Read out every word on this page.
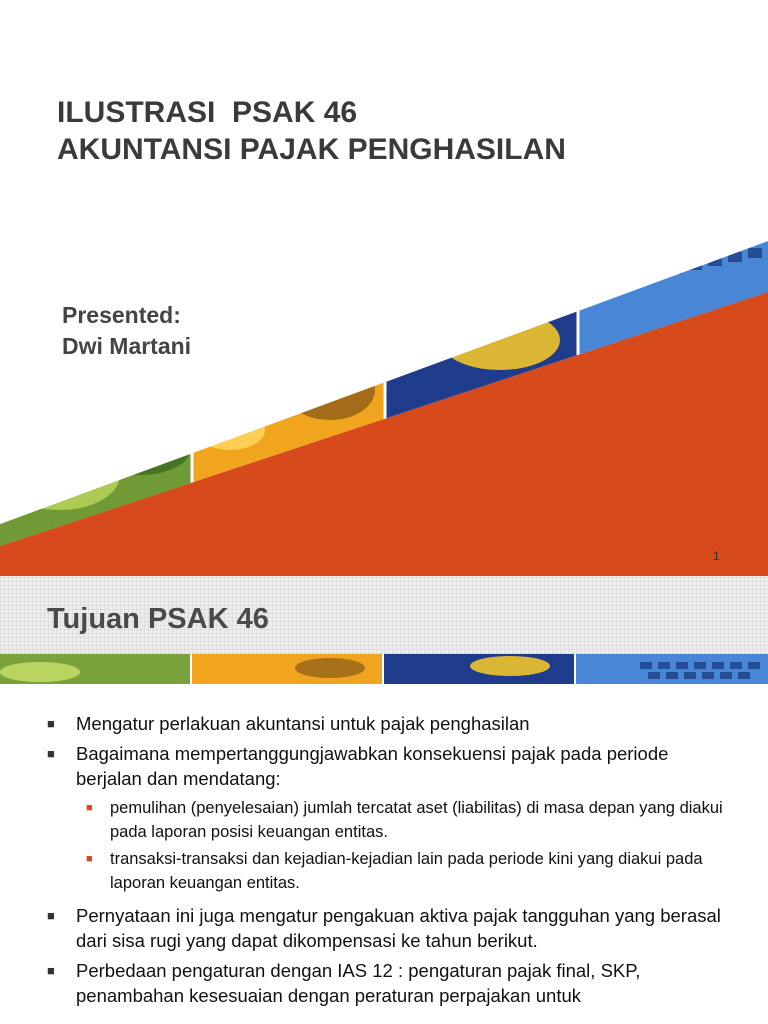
ILUSTRASI  PSAK 46
AKUNTANSI PAJAK PENGHASILAN
Presented:
Dwi Martani
1
Tujuan PSAK 46
■ Mengatur perlakuan akuntansi untuk pajak penghasilan
■ Bagaimana mempertanggungjawabkan konsekuensi pajak pada periode berjalan dan mendatang:
■ pemulihan (penyelesaian) jumlah tercatat aset (liabilitas) di masa depan yang diakui pada laporan posisi keuangan entitas.
■ transaksi-transaksi dan kejadian-kejadian lain pada periode kini yang diakui pada laporan keuangan entitas.
■ Pernyataan ini juga mengatur pengakuan aktiva pajak tangguhan yang berasal dari sisa rugi yang dapat dikompensasi ke tahun berikut.
■ Perbedaan pengaturan dengan IAS 12 : pengaturan pajak final, SKP, penambahan kesesuaian dengan peraturan perpajakan untuk
